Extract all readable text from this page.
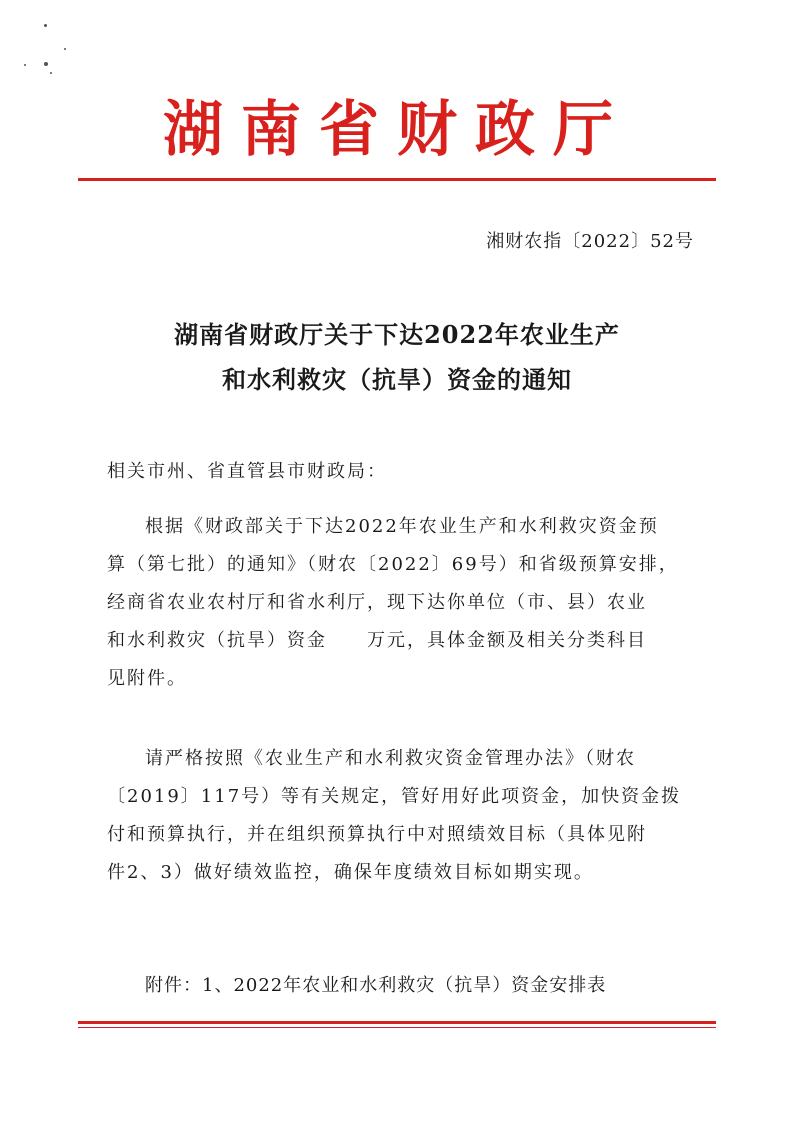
湖南省财政厅
湘财农指〔2022〕52号
湖南省财政厅关于下达2022年农业生产
和水利救灾（抗旱）资金的通知
相关市州、省直管县市财政局：
根据《财政部关于下达2022年农业生产和水利救灾资金预
算（第七批）的通知》（财农〔2022〕69号）和省级预算安排，
经商省农业农村厅和省水利厅，现下达你单位（市、县）农业
和水利救灾（抗旱）资金　　万元，具体金额及相关分类科目
见附件。
请严格按照《农业生产和水利救灾资金管理办法》（财农
〔2019〕117号）等有关规定，管好用好此项资金，加快资金拨
付和预算执行，并在组织预算执行中对照绩效目标（具体见附
件2、3）做好绩效监控，确保年度绩效目标如期实现。
附件：1、2022年农业和水利救灾（抗旱）资金安排表
